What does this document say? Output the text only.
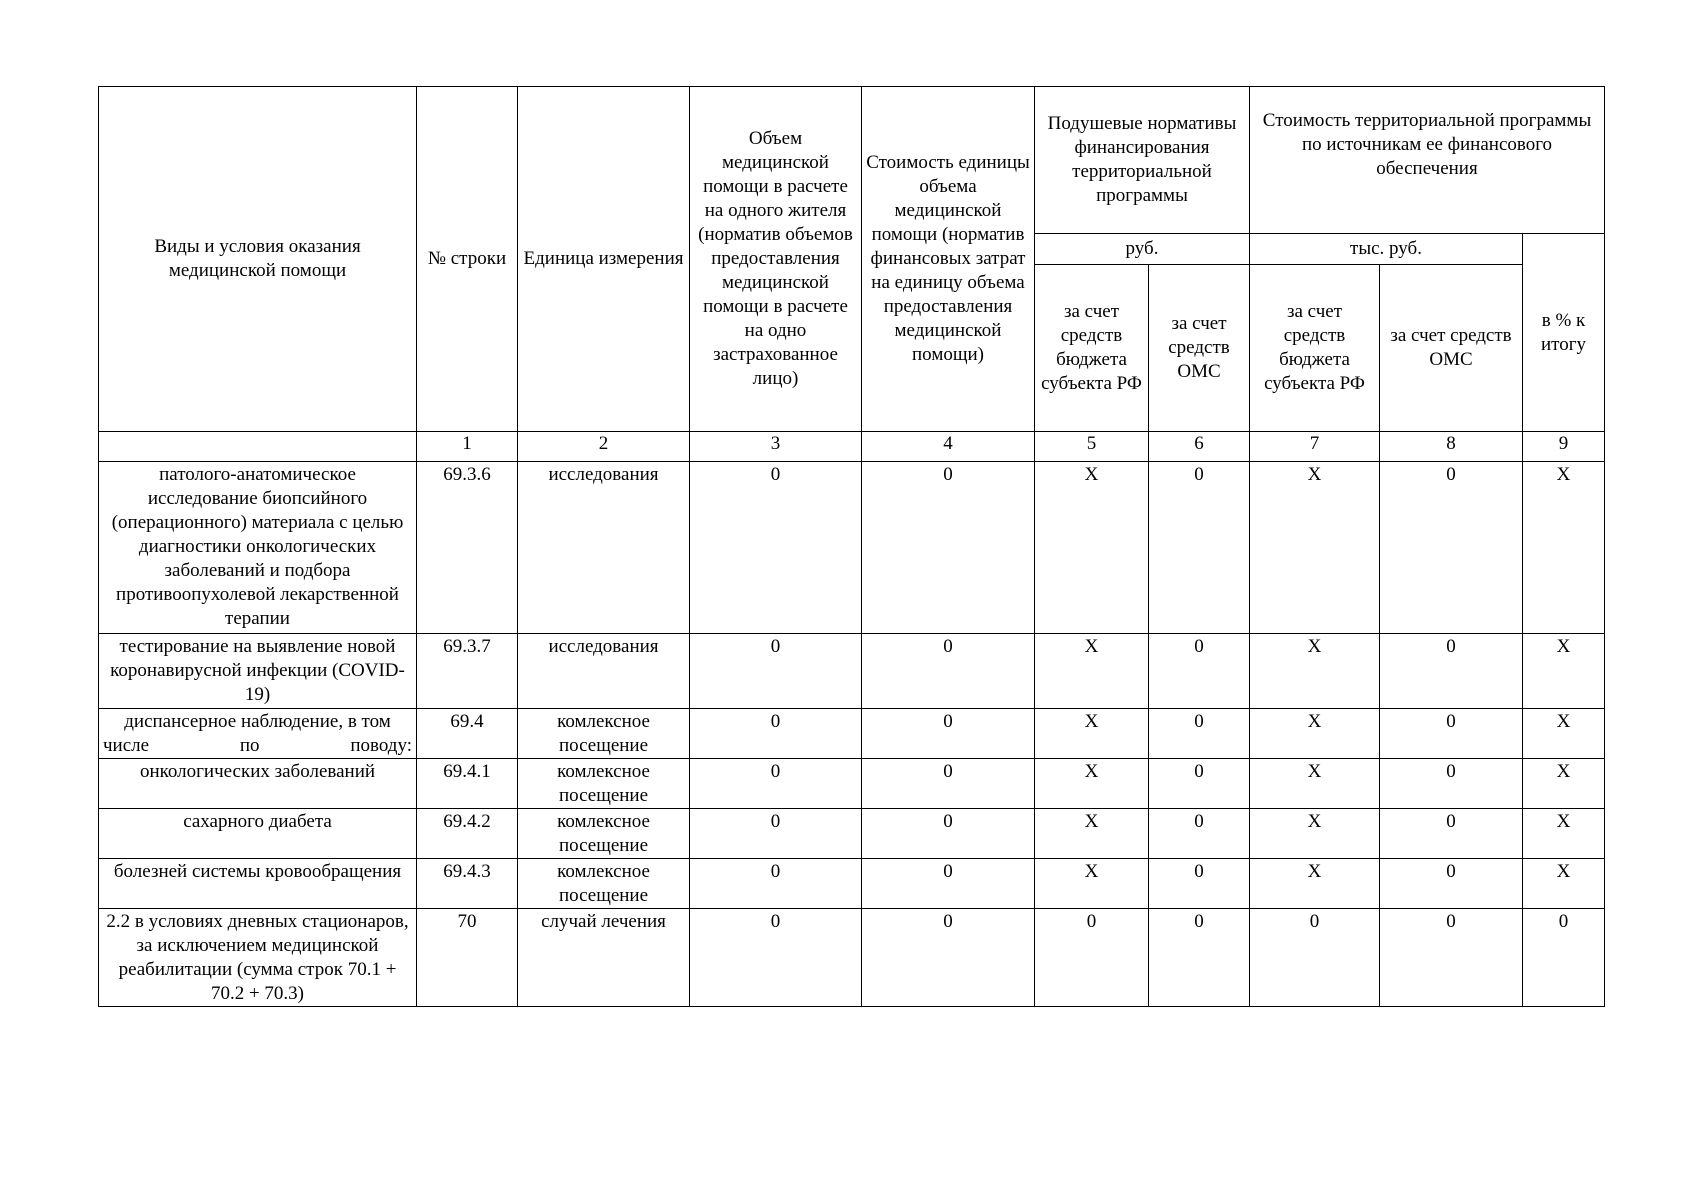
Виды и условия оказания медицинской помощи	№ строки	Единица измерения	Объем медицинской помощи в расчете на одного жителя (норматив объемов предоставления медицинской помощи в расчете на одно застрахованное лицо)	Стоимость единицы объема медицинской помощи (норматив финансовых затрат на единицу объема предоставления медицинской помощи)	Подушевые нормативы финансирования территориальной программы		Стоимость территориальной программы по источникам ее финансового обеспечения		
					руб.		тыс. руб.		в % к итогу
					за счет средств бюджета субъекта РФ	за счет средств ОМС	за счет средств бюджета субъекта РФ	за счет средств ОМС	
	1	2	3	4	5	6	7	8	9
патолого-анатомическое исследование биопсийного (операционного) материала с целью диагностики онкологических заболеваний и подбора противоопухолевой лекарственной терапии	69.3.6	исследования	0	0	Х	0	Х	0	Х
тестирование на выявление новой коронавирусной инфекции (COVID-19)	69.3.7	исследования	0	0	Х	0	Х	0	Х
диспансерное наблюдение, в том числе по поводу:	69.4	комлексное посещение	0	0	Х	0	Х	0	Х
онкологических заболеваний	69.4.1	комлексное посещение	0	0	Х	0	Х	0	Х
сахарного диабета	69.4.2	комлексное посещение	0	0	Х	0	Х	0	Х
болезней системы кровообращения	69.4.3	комлексное посещение	0	0	Х	0	Х	0	Х
2.2 в условиях дневных стационаров, за исключением медицинской реабилитации (сумма строк 70.1 + 70.2 + 70.3)	70	случай лечения	0	0	0	0	0	0	0
